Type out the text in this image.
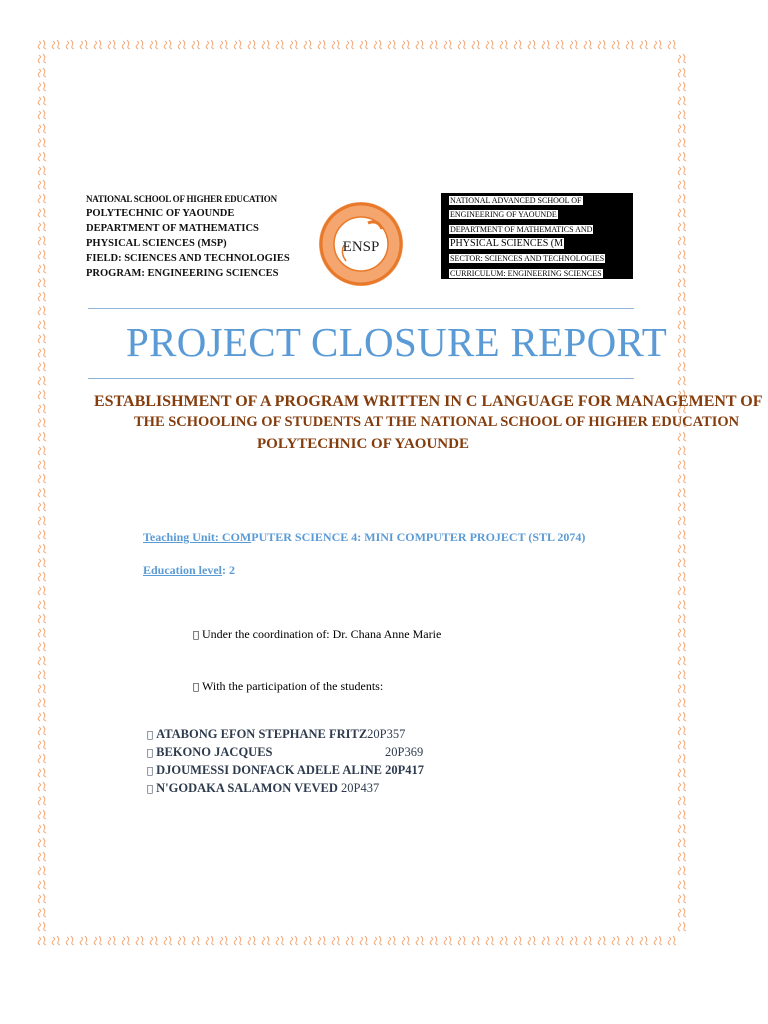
NATIONAL SCHOOL OF HIGHER EDUCATION
POLYTECHNIC OF YAOUNDE
DEPARTMENT OF MATHEMATICS
PHYSICAL SCIENCES (MSP)
FIELD: SCIENCES AND TECHNOLOGIES
PROGRAM: ENGINEERING SCIENCES
ENSP
NATIONAL ADVANCED SCHOOL OF
ENGINEERING OF YAOUNDE
DEPARTMENT OF MATHEMATICS AND
PHYSICAL SCIENCES (M
SECTOR: SCIENCES AND TECHNOLOGIES
CURRICULUM: ENGINEERING SCIENCES
PROJECT CLOSURE REPORT
ESTABLISHMENT OF A PROGRAM WRITTEN IN C LANGUAGE FOR MANAGEMENT OF
THE SCHOOLING OF STUDENTS AT THE NATIONAL SCHOOL OF HIGHER EDUCATION
POLYTECHNIC OF YAOUNDE
Teaching Unit: COMPUTER SCIENCE 4: MINI COMPUTER PROJECT (STL 2074)
Education level: 2
Under the coordination of: Dr. Chana Anne Marie
With the participation of the students:
ATABONG EFON STEPHANE FRITZ20P357
BEKONO JACQUES	20P369
DJOUMESSI DONFACK ADELE ALINE 20P417
N'GODAKA SALAMON VEVED 20P437
